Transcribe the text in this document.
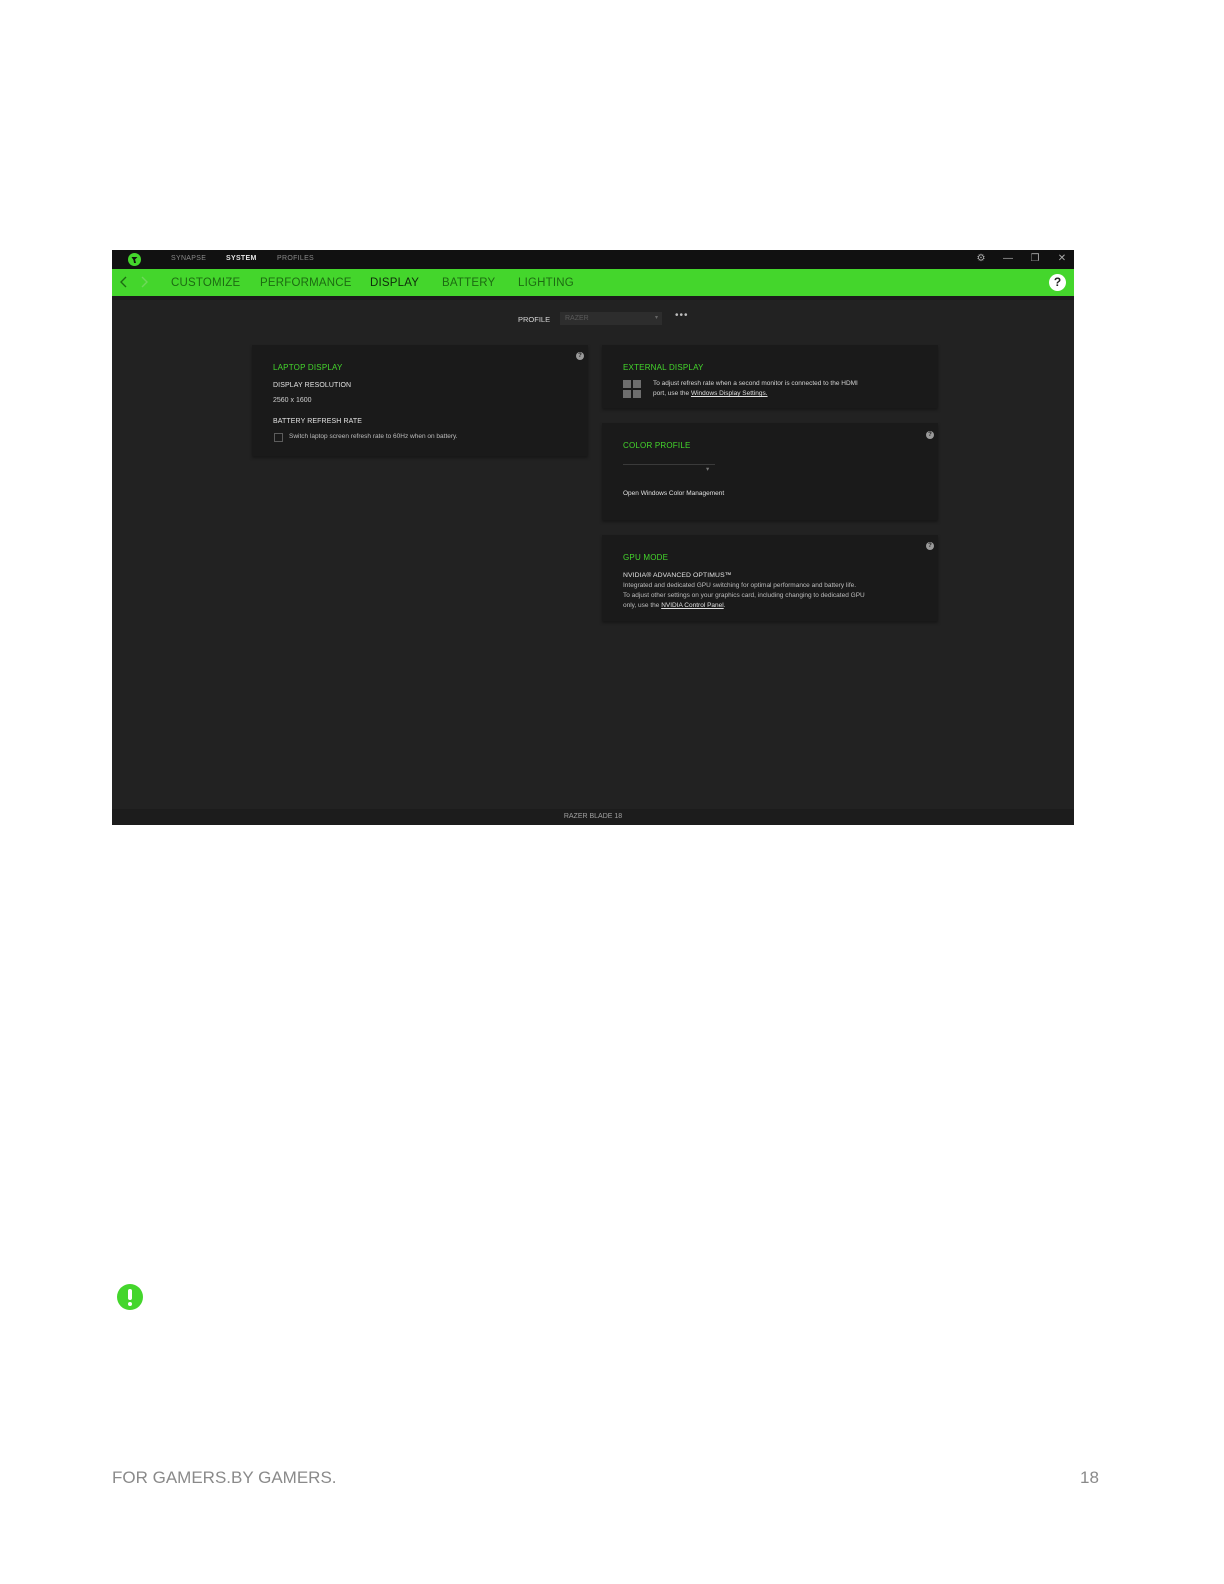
SYNAPSE	SYSTEM	PROFILES	⚙ — ❐ ✕
CUSTOMIZE PERFORMANCE DISPLAY BATTERY LIGHTING	?
PROFILE	RAZER	▾ •••
?
LAPTOP DISPLAY
DISPLAY RESOLUTION
2560 x 1600
BATTERY REFRESH RATE
Switch laptop screen refresh rate to 60Hz when on battery.
EXTERNAL DISPLAY
To adjust refresh rate when a second monitor is connected to the HDMI
port, use the Windows Display Settings.
?
COLOR PROFILE
▾
Open Windows Color Management
?
GPU MODE
NVIDIA® ADVANCED OPTIMUS™
Integrated and dedicated GPU switching for optimal performance and battery life.
To adjust other settings on your graphics card, including changing to dedicated GPU
only, use the NVIDIA Control Panel.
RAZER BLADE 18
FOR GAMERS.BY GAMERS.	18
